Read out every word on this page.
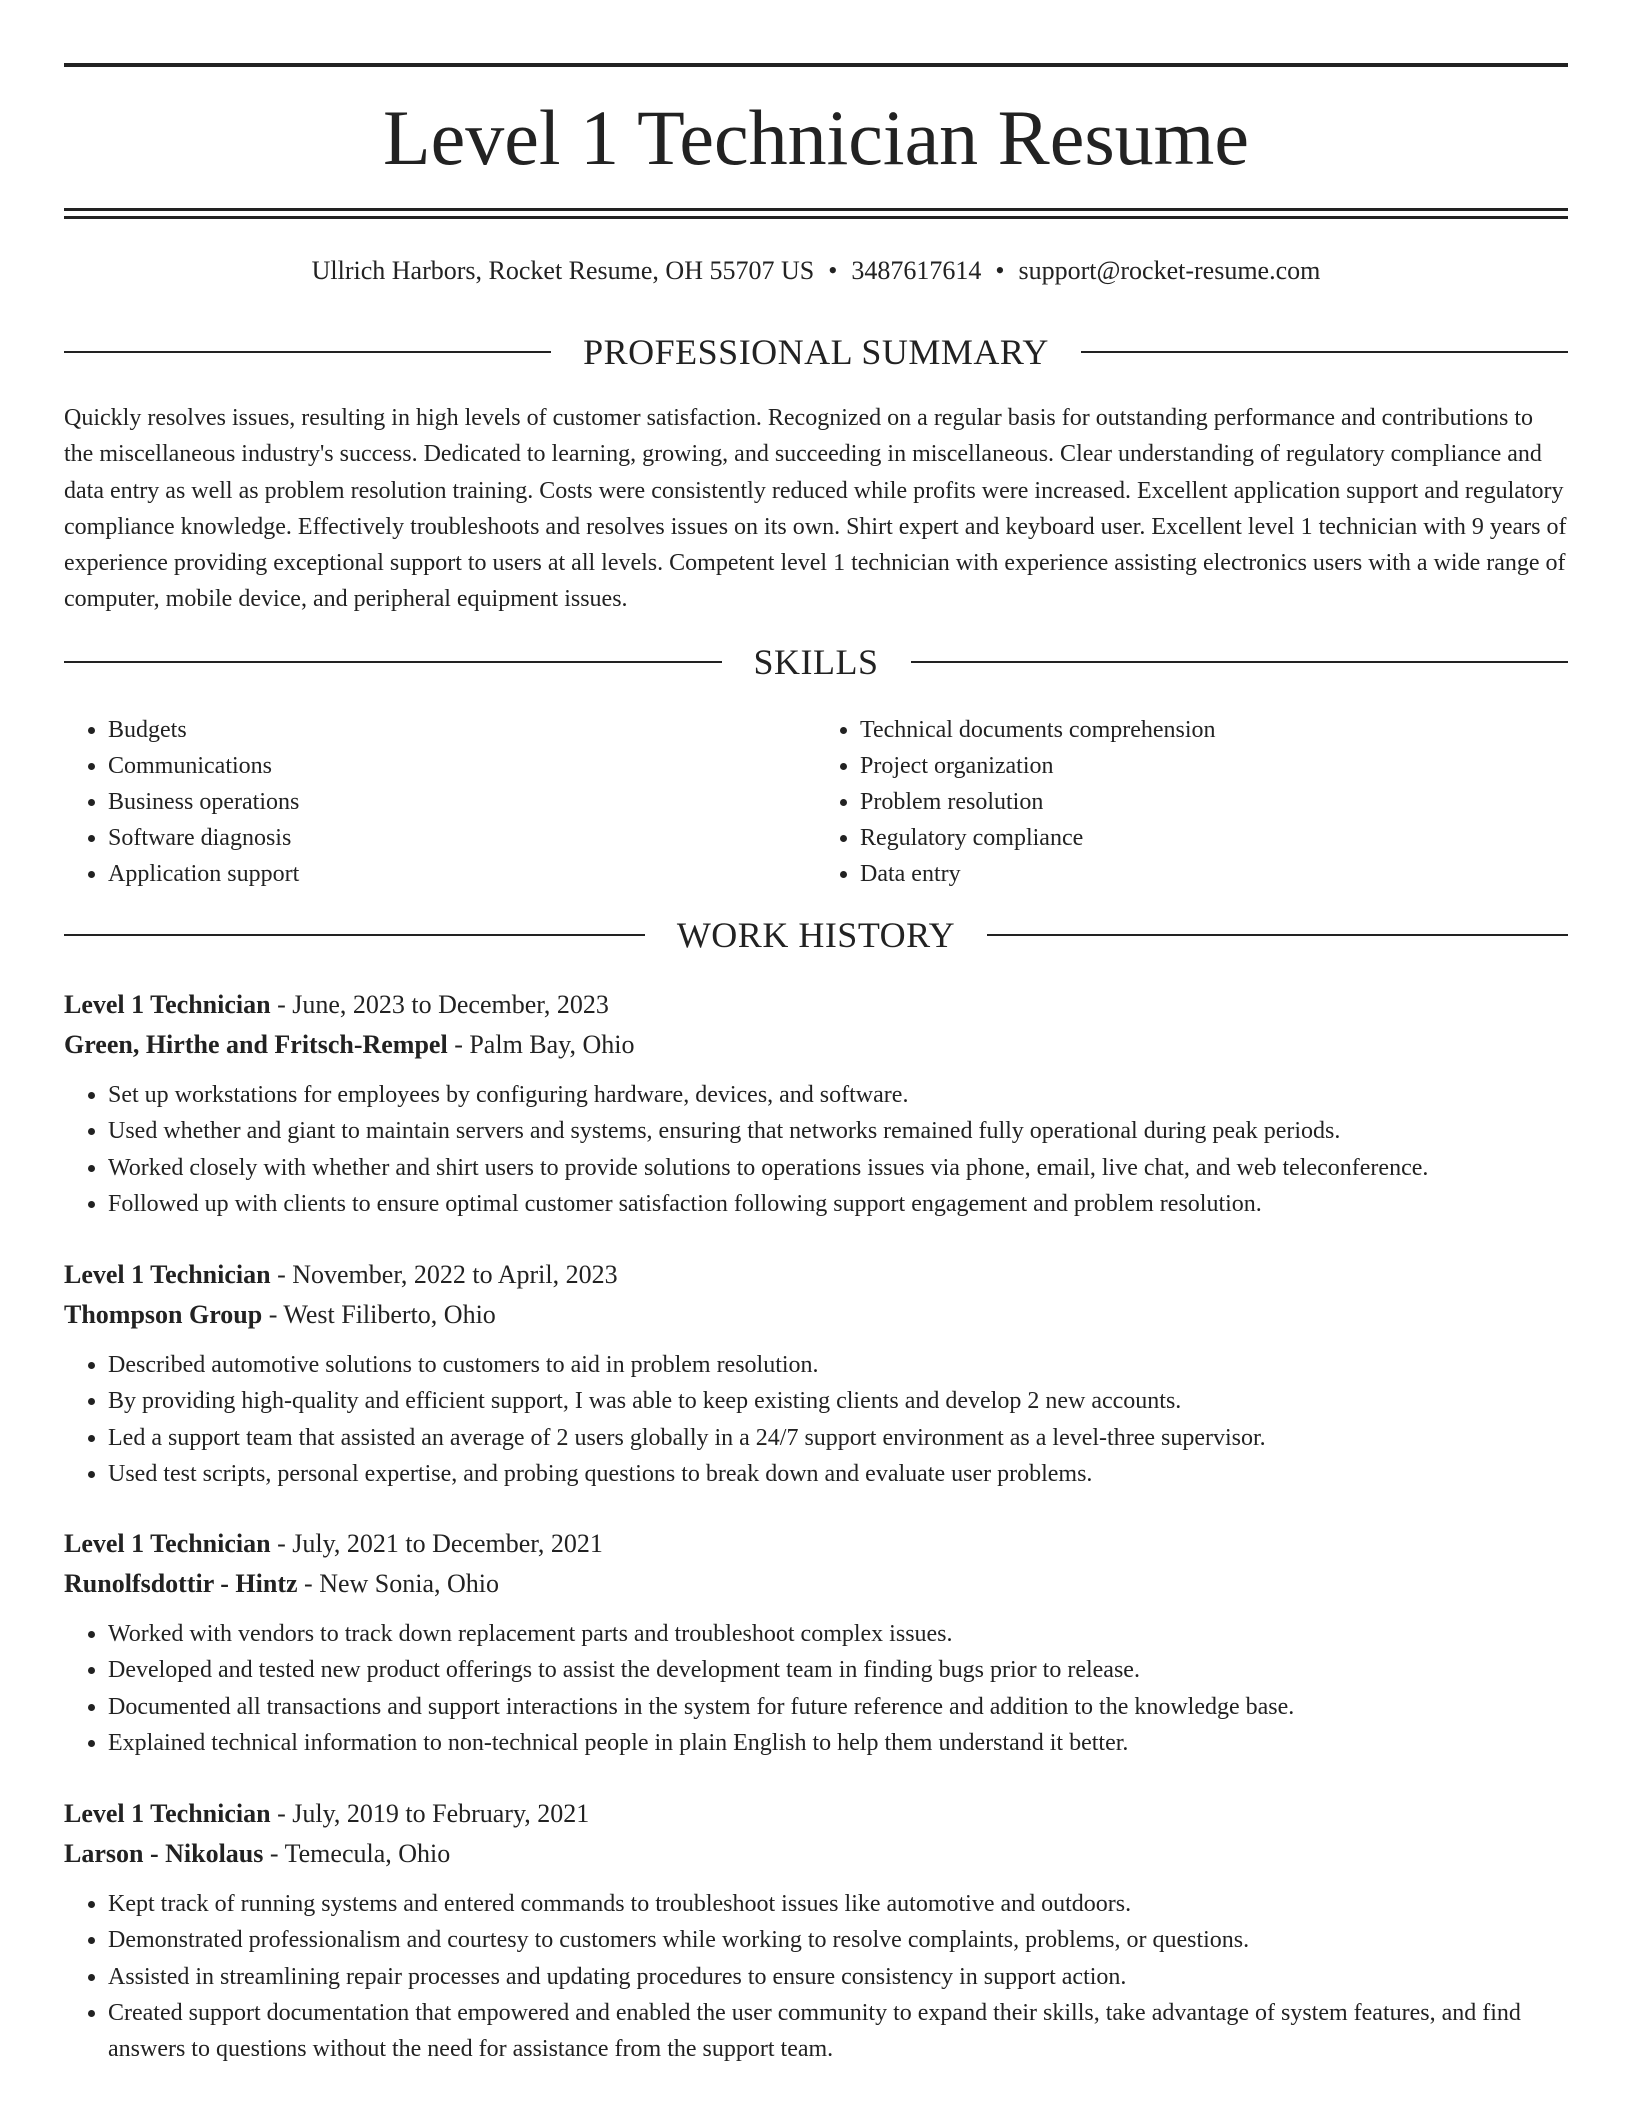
Level 1 Technician Resume
Ullrich Harbors, Rocket Resume, OH 55707 US • 3487617614 • support@rocket-resume.com
PROFESSIONAL SUMMARY

Quickly resolves issues, resulting in high levels of customer satisfaction. Recognized on a regular basis for outstanding performance and contributions to the miscellaneous industry's success. Dedicated to learning, growing, and succeeding in miscellaneous. Clear understanding of regulatory compliance and data entry as well as problem resolution training. Costs were consistently reduced while profits were increased. Excellent application support and regulatory compliance knowledge. Effectively troubleshoots and resolves issues on its own. Shirt expert and keyboard user. Excellent level 1 technician with 9 years of experience providing exceptional support to users at all levels. Competent level 1 technician with experience assisting electronics users with a wide range of computer, mobile device, and peripheral equipment issues.

SKILLS
• Budgets
• Communications
• Business operations
• Software diagnosis
• Application support
• Technical documents comprehension
• Project organization
• Problem resolution
• Regulatory compliance
• Data entry
WORK HISTORY
Level 1 Technician - June, 2023 to December, 2023
Green, Hirthe and Fritsch-Rempel - Palm Bay, Ohio
• Set up workstations for employees by configuring hardware, devices, and software.
• Used whether and giant to maintain servers and systems, ensuring that networks remained fully operational during peak periods.
• Worked closely with whether and shirt users to provide solutions to operations issues via phone, email, live chat, and web teleconference.
• Followed up with clients to ensure optimal customer satisfaction following support engagement and problem resolution.
Level 1 Technician - November, 2022 to April, 2023
Thompson Group - West Filiberto, Ohio
• Described automotive solutions to customers to aid in problem resolution.
• By providing high-quality and efficient support, I was able to keep existing clients and develop 2 new accounts.
• Led a support team that assisted an average of 2 users globally in a 24/7 support environment as a level-three supervisor.
• Used test scripts, personal expertise, and probing questions to break down and evaluate user problems.
Level 1 Technician - July, 2021 to December, 2021
Runolfsdottir - Hintz - New Sonia, Ohio
• Worked with vendors to track down replacement parts and troubleshoot complex issues.
• Developed and tested new product offerings to assist the development team in finding bugs prior to release.
• Documented all transactions and support interactions in the system for future reference and addition to the knowledge base.
• Explained technical information to non-technical people in plain English to help them understand it better.
Level 1 Technician - July, 2019 to February, 2021
Larson - Nikolaus - Temecula, Ohio
• Kept track of running systems and entered commands to troubleshoot issues like automotive and outdoors.
• Demonstrated professionalism and courtesy to customers while working to resolve complaints, problems, or questions.
• Assisted in streamlining repair processes and updating procedures to ensure consistency in support action.
• Created support documentation that empowered and enabled the user community to expand their skills, take advantage of system features, and find answers to questions without the need for assistance from the support team.
